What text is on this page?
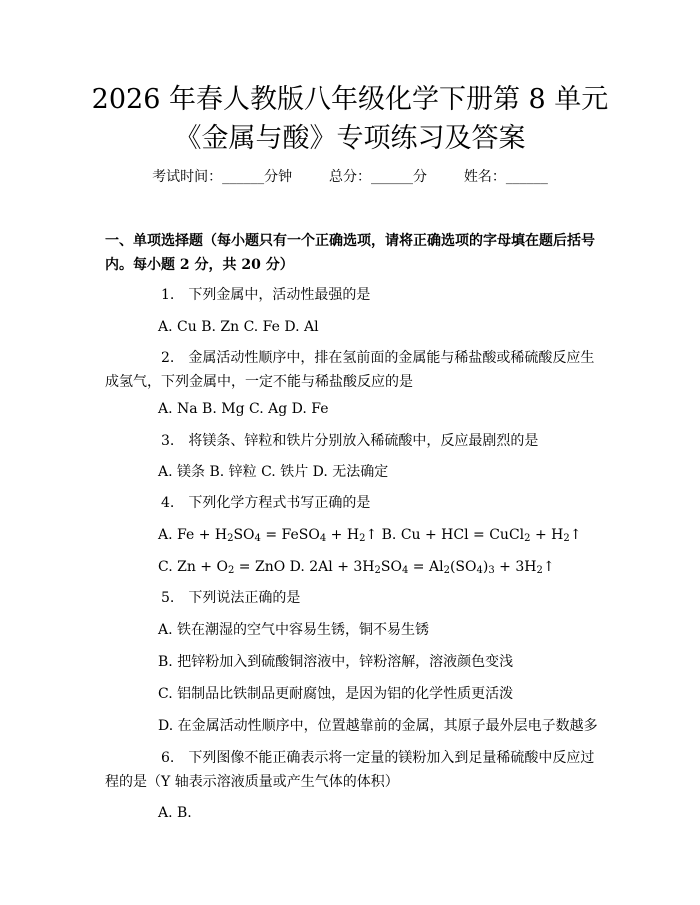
2026 年春人教版八年级化学下册第 8 单元
《金属与酸》专项练习及答案
考试时间：______分钟   	总分：______分   	姓名：______
一、单项选择题（每小题只有一个正确选项，请将正确选项的字母填在题后括号内。每小题 2 分，共 20 分）
1. 下列金属中，活动性最强的是
A. Cu B. Zn C. Fe D. Al
2. 金属活动性顺序中，排在氢前面的金属能与稀盐酸或稀硫酸反应生成氢气，下列金属中，一定不能与稀盐酸反应的是
A. Na B. Mg C. Ag D. Fe
3. 将镁条、锌粒和铁片分别放入稀硫酸中，反应最剧烈的是
A. 镁条 B. 锌粒 C. 铁片 D. 无法确定
4. 下列化学方程式书写正确的是
A. $Fe + H_2SO_4$ = FeSO$_4$ + $H_2↑$ B. Cu + HCl = CuCl$_2$ + $H_2↑$
C. $Zn + O_2$ = ZnO D. $2Al + 3H_2SO_4 = Al_2(SO_4)_3$ + $3H_2↑$
5. 下列说法正确的是
A. 铁在潮湿的空气中容易生锈，铜不易生锈
B. 把锌粉加入到硫酸铜溶液中，锌粉溶解，溶液颜色变浅
C. 铝制品比铁制品更耐腐蚀，是因为铝的化学性质更活泼
D. 在金属活动性顺序中，位置越靠前的金属，其原子最外层电子数越多
6. 下列图像不能正确表示将一定量的镁粉加入到足量稀硫酸中反应过程的是（Y 轴表示溶液质量或产生气体的体积）
A. B.
